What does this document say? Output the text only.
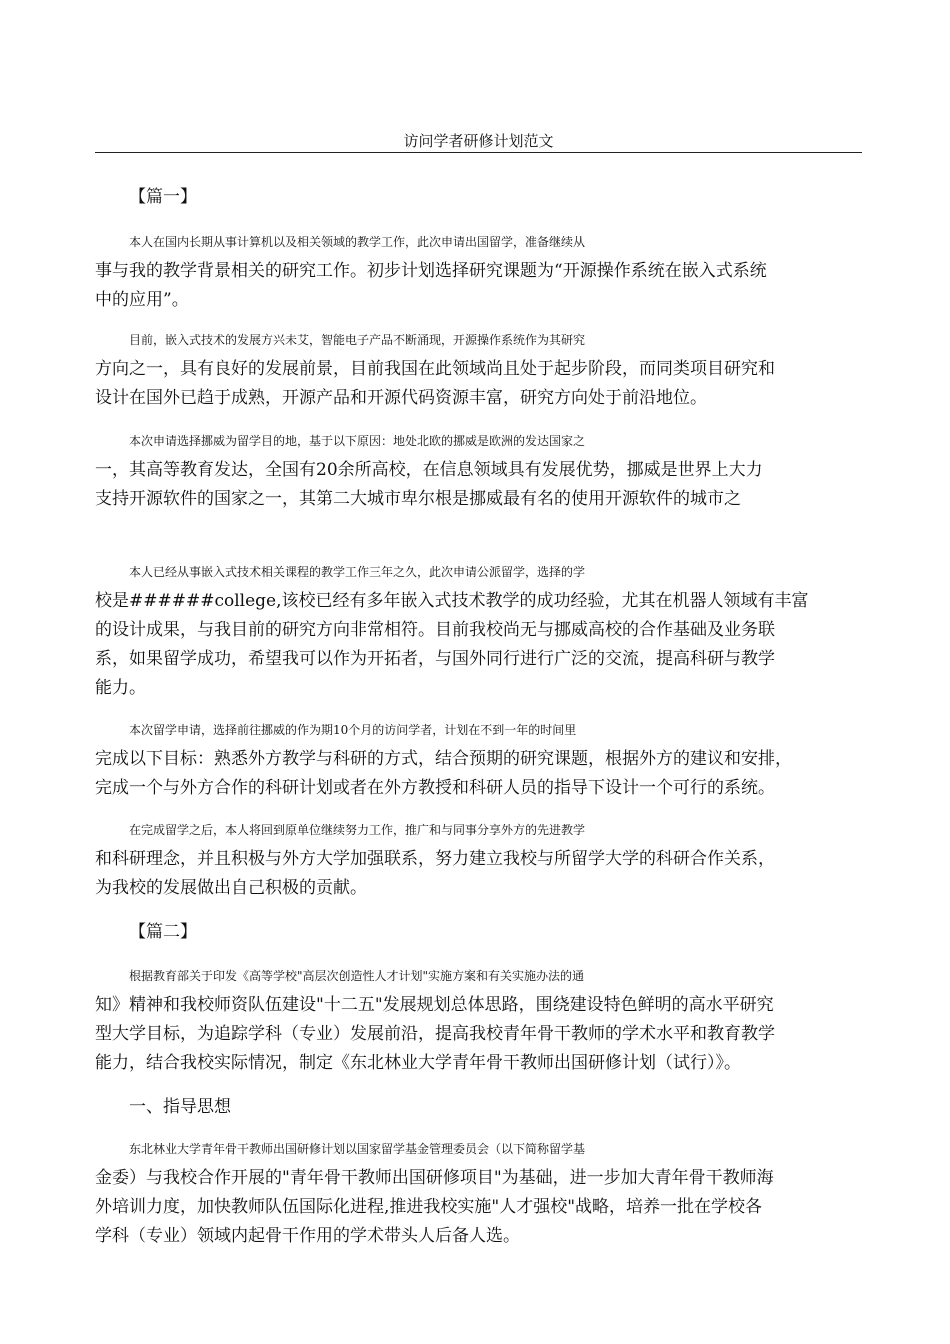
访问学者研修计划范文
【篇一】
本人在国内长期从事计算机以及相关领域的教学工作，此次申请出国留学，准备继续从
事与我的教学背景相关的研究工作。初步计划选择研究课题为“开源操作系统在嵌入式系统
中的应用”。
目前，嵌入式技术的发展方兴未艾，智能电子产品不断涌现，开源操作系统作为其研究
方向之一，具有良好的发展前景，目前我国在此领域尚且处于起步阶段，而同类项目研究和
设计在国外已趋于成熟，开源产品和开源代码资源丰富，研究方向处于前沿地位。
本次申请选择挪威为留学目的地，基于以下原因：地处北欧的挪威是欧洲的发达国家之
一，其高等教育发达，全国有20余所高校，在信息领域具有发展优势，挪威是世界上大力
支持开源软件的国家之一，其第二大城市卑尔根是挪威最有名的使用开源软件的城市之
本人已经从事嵌入式技术相关课程的教学工作三年之久，此次申请公派留学，选择的学
校是######college,该校已经有多年嵌入式技术教学的成功经验，尤其在机器人领域有丰富
的设计成果，与我目前的研究方向非常相符。目前我校尚无与挪威高校的合作基础及业务联
系，如果留学成功，希望我可以作为开拓者，与国外同行进行广泛的交流，提高科研与教学
能力。
本次留学申请，选择前往挪威的作为期10个月的访问学者，计划在不到一年的时间里
完成以下目标：熟悉外方教学与科研的方式，结合预期的研究课题，根据外方的建议和安排，
完成一个与外方合作的科研计划或者在外方教授和科研人员的指导下设计一个可行的系统。
在完成留学之后，本人将回到原单位继续努力工作，推广和与同事分享外方的先进教学
和科研理念，并且积极与外方大学加强联系，努力建立我校与所留学大学的科研合作关系，
为我校的发展做出自己积极的贡献。
【篇二】
根据教育部关于印发《高等学校"高层次创造性人才计划"实施方案和有关实施办法的通
知》精神和我校师资队伍建设"十二五"发展规划总体思路，围绕建设特色鲜明的高水平研究
型大学目标，为追踪学科（专业）发展前沿，提高我校青年骨干教师的学术水平和教育教学
能力，结合我校实际情况，制定《东北林业大学青年骨干教师出国研修计划（试行）》。
一、指导思想
东北林业大学青年骨干教师出国研修计划以国家留学基金管理委员会（以下简称留学基
金委）与我校合作开展的"青年骨干教师出国研修项目"为基础，进一步加大青年骨干教师海
外培训力度，加快教师队伍国际化进程,推进我校实施"人才强校"战略，培养一批在学校各
学科（专业）领域内起骨干作用的学术带头人后备人选。
